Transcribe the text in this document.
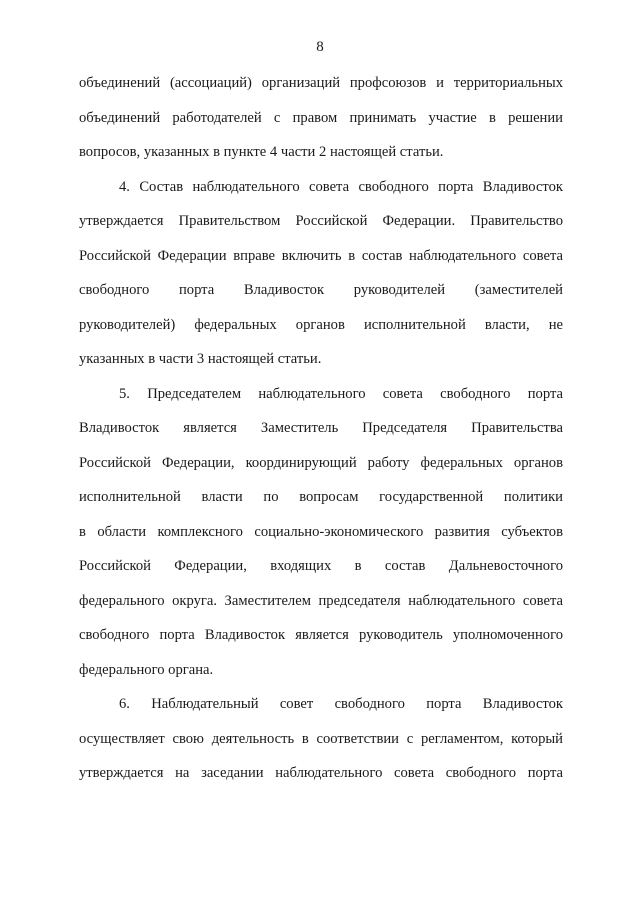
8
объединений (ассоциаций) организаций профсоюзов и территориальных
объединений работодателей с правом принимать участие в решении
вопросов, указанных в пункте 4 части 2 настоящей статьи.
4. Состав наблюдательного совета свободного порта Владивосток
утверждается Правительством Российской Федерации. Правительство
Российской Федерации вправе включить в состав наблюдательного совета
свободного порта Владивосток руководителей (заместителей
руководителей) федеральных органов исполнительной власти, не
указанных в части 3 настоящей статьи.
5. Председателем наблюдательного совета свободного порта
Владивосток является Заместитель Председателя Правительства
Российской Федерации, координирующий работу федеральных органов
исполнительной власти по вопросам государственной политики
в области комплексного социально-экономического развития субъектов
Российской Федерации, входящих в состав Дальневосточного
федерального округа. Заместителем председателя наблюдательного совета
свободного порта Владивосток является руководитель уполномоченного
федерального органа.
6. Наблюдательный совет свободного порта Владивосток
осуществляет свою деятельность в соответствии с регламентом, который
утверждается на заседании наблюдательного совета свободного порта
